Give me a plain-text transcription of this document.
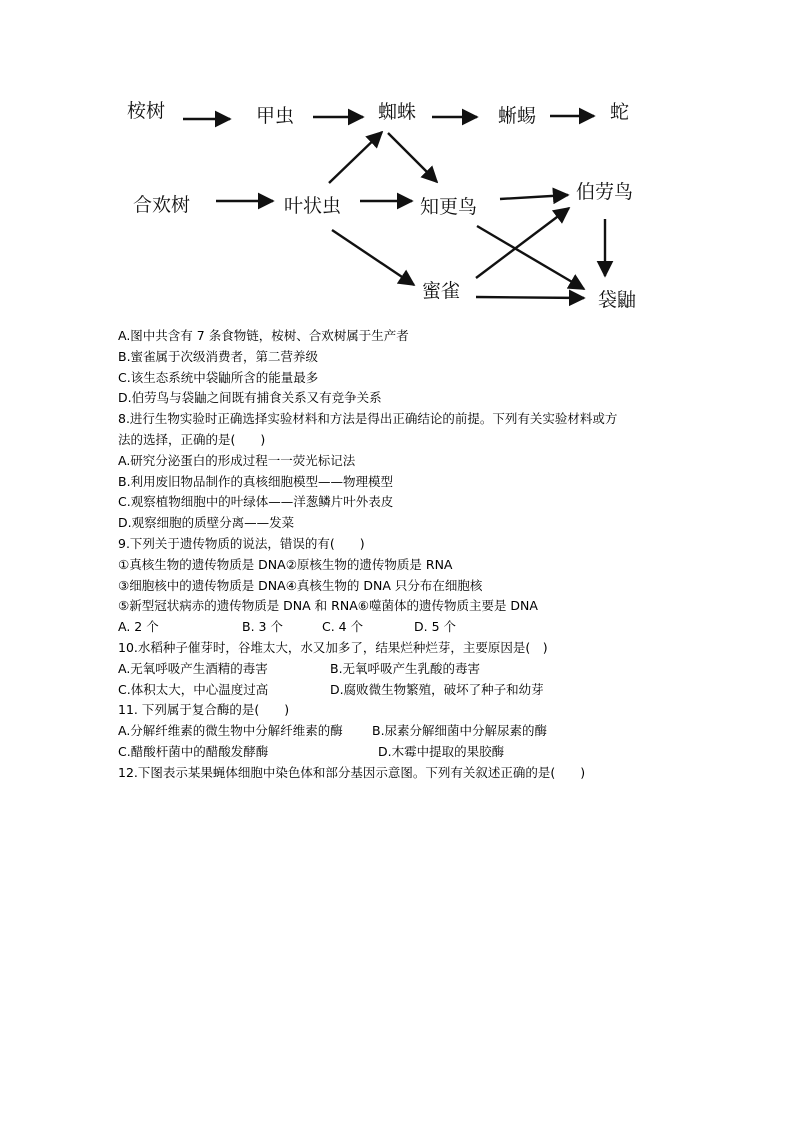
桉树	甲虫	蜘蛛	蜥蜴	蛇
合欢树	叶状虫	知更鸟
伯劳鸟
蜜雀	袋鼬
A.图中共含有 7 条食物链，桉树、合欢树属于生产者
B.蜜雀属于次级消费者，第二营养级
C.该生态系统中袋鼬所含的能量最多
D.伯劳鸟与袋鼬之间既有捕食关系又有竞争关系
8.进行生物实验时正确选择实验材料和方法是得出正确结论的前提。下列有关实验材料或方
法的选择，正确的是(　　)
A.研究分泌蛋白的形成过程一一荧光标记法
B.利用废旧物品制作的真核细胞模型——物理模型
C.观察植物细胞中的叶绿体——洋葱鳞片叶外表皮
D.观察细胞的质壁分离——发菜
9.下列关于遗传物质的说法，错误的有(　　)
①真核生物的遗传物质是 DNA②原核生物的遗传物质是 RNA
③细胞核中的遗传物质是 DNA④真核生物的 DNA 只分布在细胞核
⑤新型冠状病赤的遗传物质是 DNA 和 RNA⑥噬菌体的遗传物质主要是 DNA
A. 2 个	B. 3 个	C. 4 个	D. 5 个
10.水稻种子催芽时，谷堆太大，水又加多了，结果烂种烂芽，主要原因是(　)
A.无氧呼吸产生酒精的毒害	B.无氧呼吸产生乳酸的毒害
C.体积太大，中心温度过高	D.腐败微生物繁殖，破坏了种子和幼芽
11. 下列属于复合酶的是(　　)
A.分解纤维素的微生物中分解纤维素的酶 B.尿素分解细菌中分解尿素的酶
C.醋酸杆菌中的醋酸发酵酶	D.木霉中提取的果胶酶
12.下图表示某果蝇体细胞中染色体和部分基因示意图。下列有关叙述正确的是(　　)
